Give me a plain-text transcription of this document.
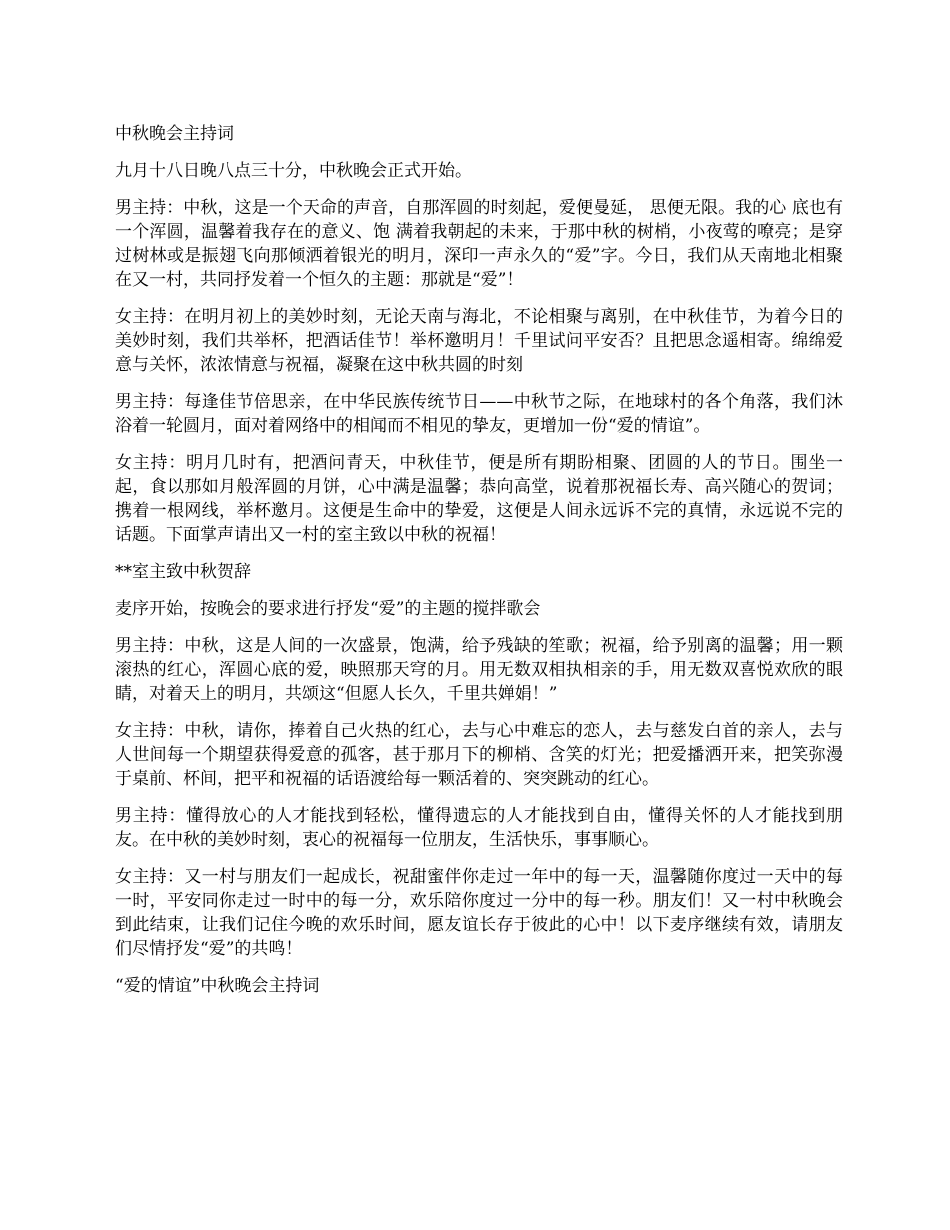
中秋晚会主持词

九月十八日晚八点三十分，中秋晚会正式开始。

男主持：中秋，这是一个天命的声音，自那浑圆的时刻起，爱便曼延， 思便无限。我的心 底也有一个浑圆，温馨着我存在的意义、饱 满着我朝起的未来，于那中秋的树梢，小夜莺的嘹亮；是穿过树林或是振翅飞向那倾洒着银光的明月，深印一声永久的“爱”字。今日，我们从天南地北相聚在又一村，共同抒发着一个恒久的主题：那就是“爱”！

女主持：在明月初上的美妙时刻，无论天南与海北，不论相聚与离别，在中秋佳节，为着今日的美妙时刻，我们共举杯，把酒话佳节！举杯邀明月！千里试问平安否？且把思念遥相寄。绵绵爱意与关怀，浓浓情意与祝福，凝聚在这中秋共圆的时刻

男主持：每逢佳节倍思亲，在中华民族传统节日——中秋节之际，在地球村的各个角落，我们沐浴着一轮圆月，面对着网络中的相闻而不相见的挚友，更增加一份“爱的情谊”。

女主持：明月几时有，把酒问青天，中秋佳节，便是所有期盼相聚、团圆的人的节日。围坐一起，食以那如月般浑圆的月饼，心中满是温馨；恭向高堂，说着那祝福长寿、高兴随心的贺词；携着一根网线，举杯邀月。这便是生命中的挚爱，这便是人间永远诉不完的真情，永远说不完的话题。下面掌声请出又一村的室主致以中秋的祝福！

**室主致中秋贺辞

麦序开始，按晚会的要求进行抒发“爱”的主题的搅拌歌会

男主持：中秋，这是人间的一次盛景，饱满，给予残缺的笙歌；祝福，给予别离的温馨；用一颗滚热的红心，浑圆心底的爱，映照那天穹的月。用无数双相执相亲的手，用无数双喜悦欢欣的眼睛，对着天上的明月，共颂这“但愿人长久，千里共婵娟！”

女主持：中秋，请你，捧着自己火热的红心，去与心中难忘的恋人，去与慈发白首的亲人，去与人世间每一个期望获得爱意的孤客，甚于那月下的柳梢、含笑的灯光；把爱播洒开来，把笑弥漫于桌前、杯间，把平和祝福的话语渡给每一颗活着的、突突跳动的红心。

男主持：懂得放心的人才能找到轻松，懂得遗忘的人才能找到自由，懂得关怀的人才能找到朋友。在中秋的美妙时刻，衷心的祝福每一位朋友，生活快乐，事事顺心。

女主持：又一村与朋友们一起成长，祝甜蜜伴你走过一年中的每一天，温馨随你度过一天中的每一时，平安同你走过一时中的每一分，欢乐陪你度过一分中的每一秒。朋友们！又一村中秋晚会到此结束，让我们记住今晚的欢乐时间，愿友谊长存于彼此的心中！以下麦序继续有效，请朋友们尽情抒发“爱”的共鸣！

“爱的情谊”中秋晚会主持词
